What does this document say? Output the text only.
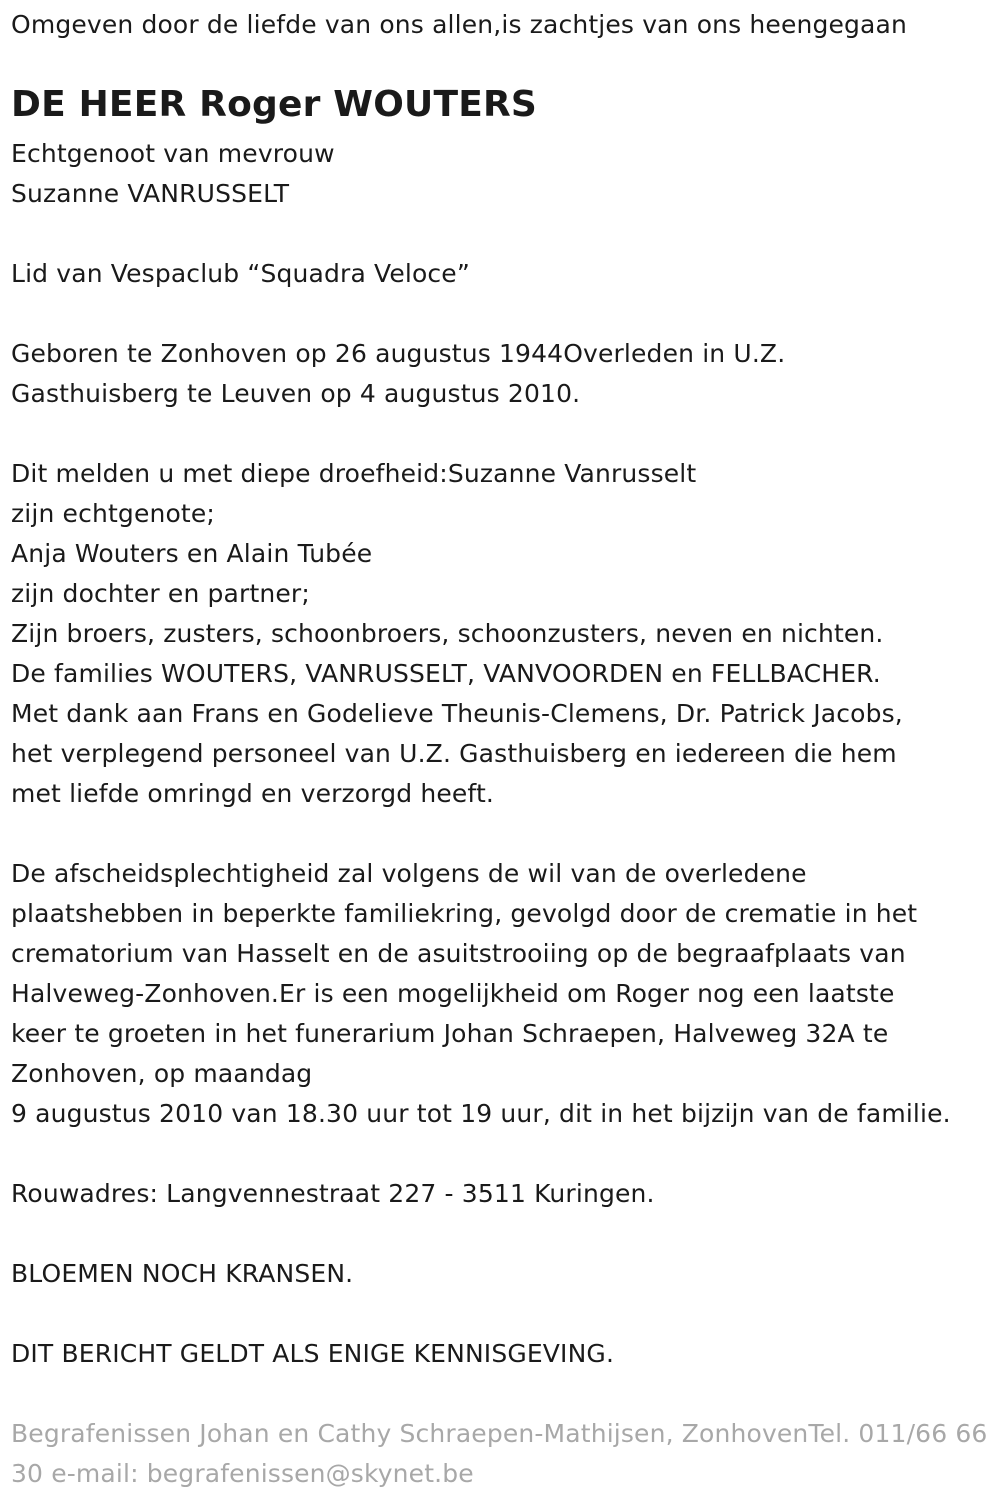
Omgeven door de liefde van ons allen,is zachtjes van ons heengegaan
DE HEER Roger WOUTERS
Echtgenoot van mevrouw
Suzanne VANRUSSELT
Lid van Vespaclub “Squadra Veloce”
Geboren te Zonhoven op 26 augustus 1944Overleden in U.Z.
Gasthuisberg te Leuven op 4 augustus 2010.
Dit melden u met diepe droefheid:Suzanne Vanrusselt
zijn echtgenote;
Anja Wouters en Alain Tubée
zijn dochter en partner;
Zijn broers, zusters, schoonbroers, schoonzusters, neven en nichten.
De families WOUTERS, VANRUSSELT, VANVOORDEN en FELLBACHER.
Met dank aan Frans en Godelieve Theunis-Clemens, Dr. Patrick Jacobs,
het verplegend personeel van U.Z. Gasthuisberg en iedereen die hem
met liefde omringd en verzorgd heeft.
De afscheidsplechtigheid zal volgens de wil van de overledene
plaatshebben in beperkte familiekring, gevolgd door de crematie in het
crematorium van Hasselt en de asuitstrooiing op de begraafplaats van
Halveweg-Zonhoven.Er is een mogelijkheid om Roger nog een laatste
keer te groeten in het funerarium Johan Schraepen, Halveweg 32A te
Zonhoven, op maandag
9 augustus 2010 van 18.30 uur tot 19 uur, dit in het bijzijn van de familie.
Rouwadres: Langvennestraat 227 - 3511 Kuringen.
BLOEMEN NOCH KRANSEN.
DIT BERICHT GELDT ALS ENIGE KENNISGEVING.
Begrafenissen Johan en Cathy Schraepen-Mathijsen, ZonhovenTel. 011/66 66 30 e-mail: begrafenissen@skynet.be
